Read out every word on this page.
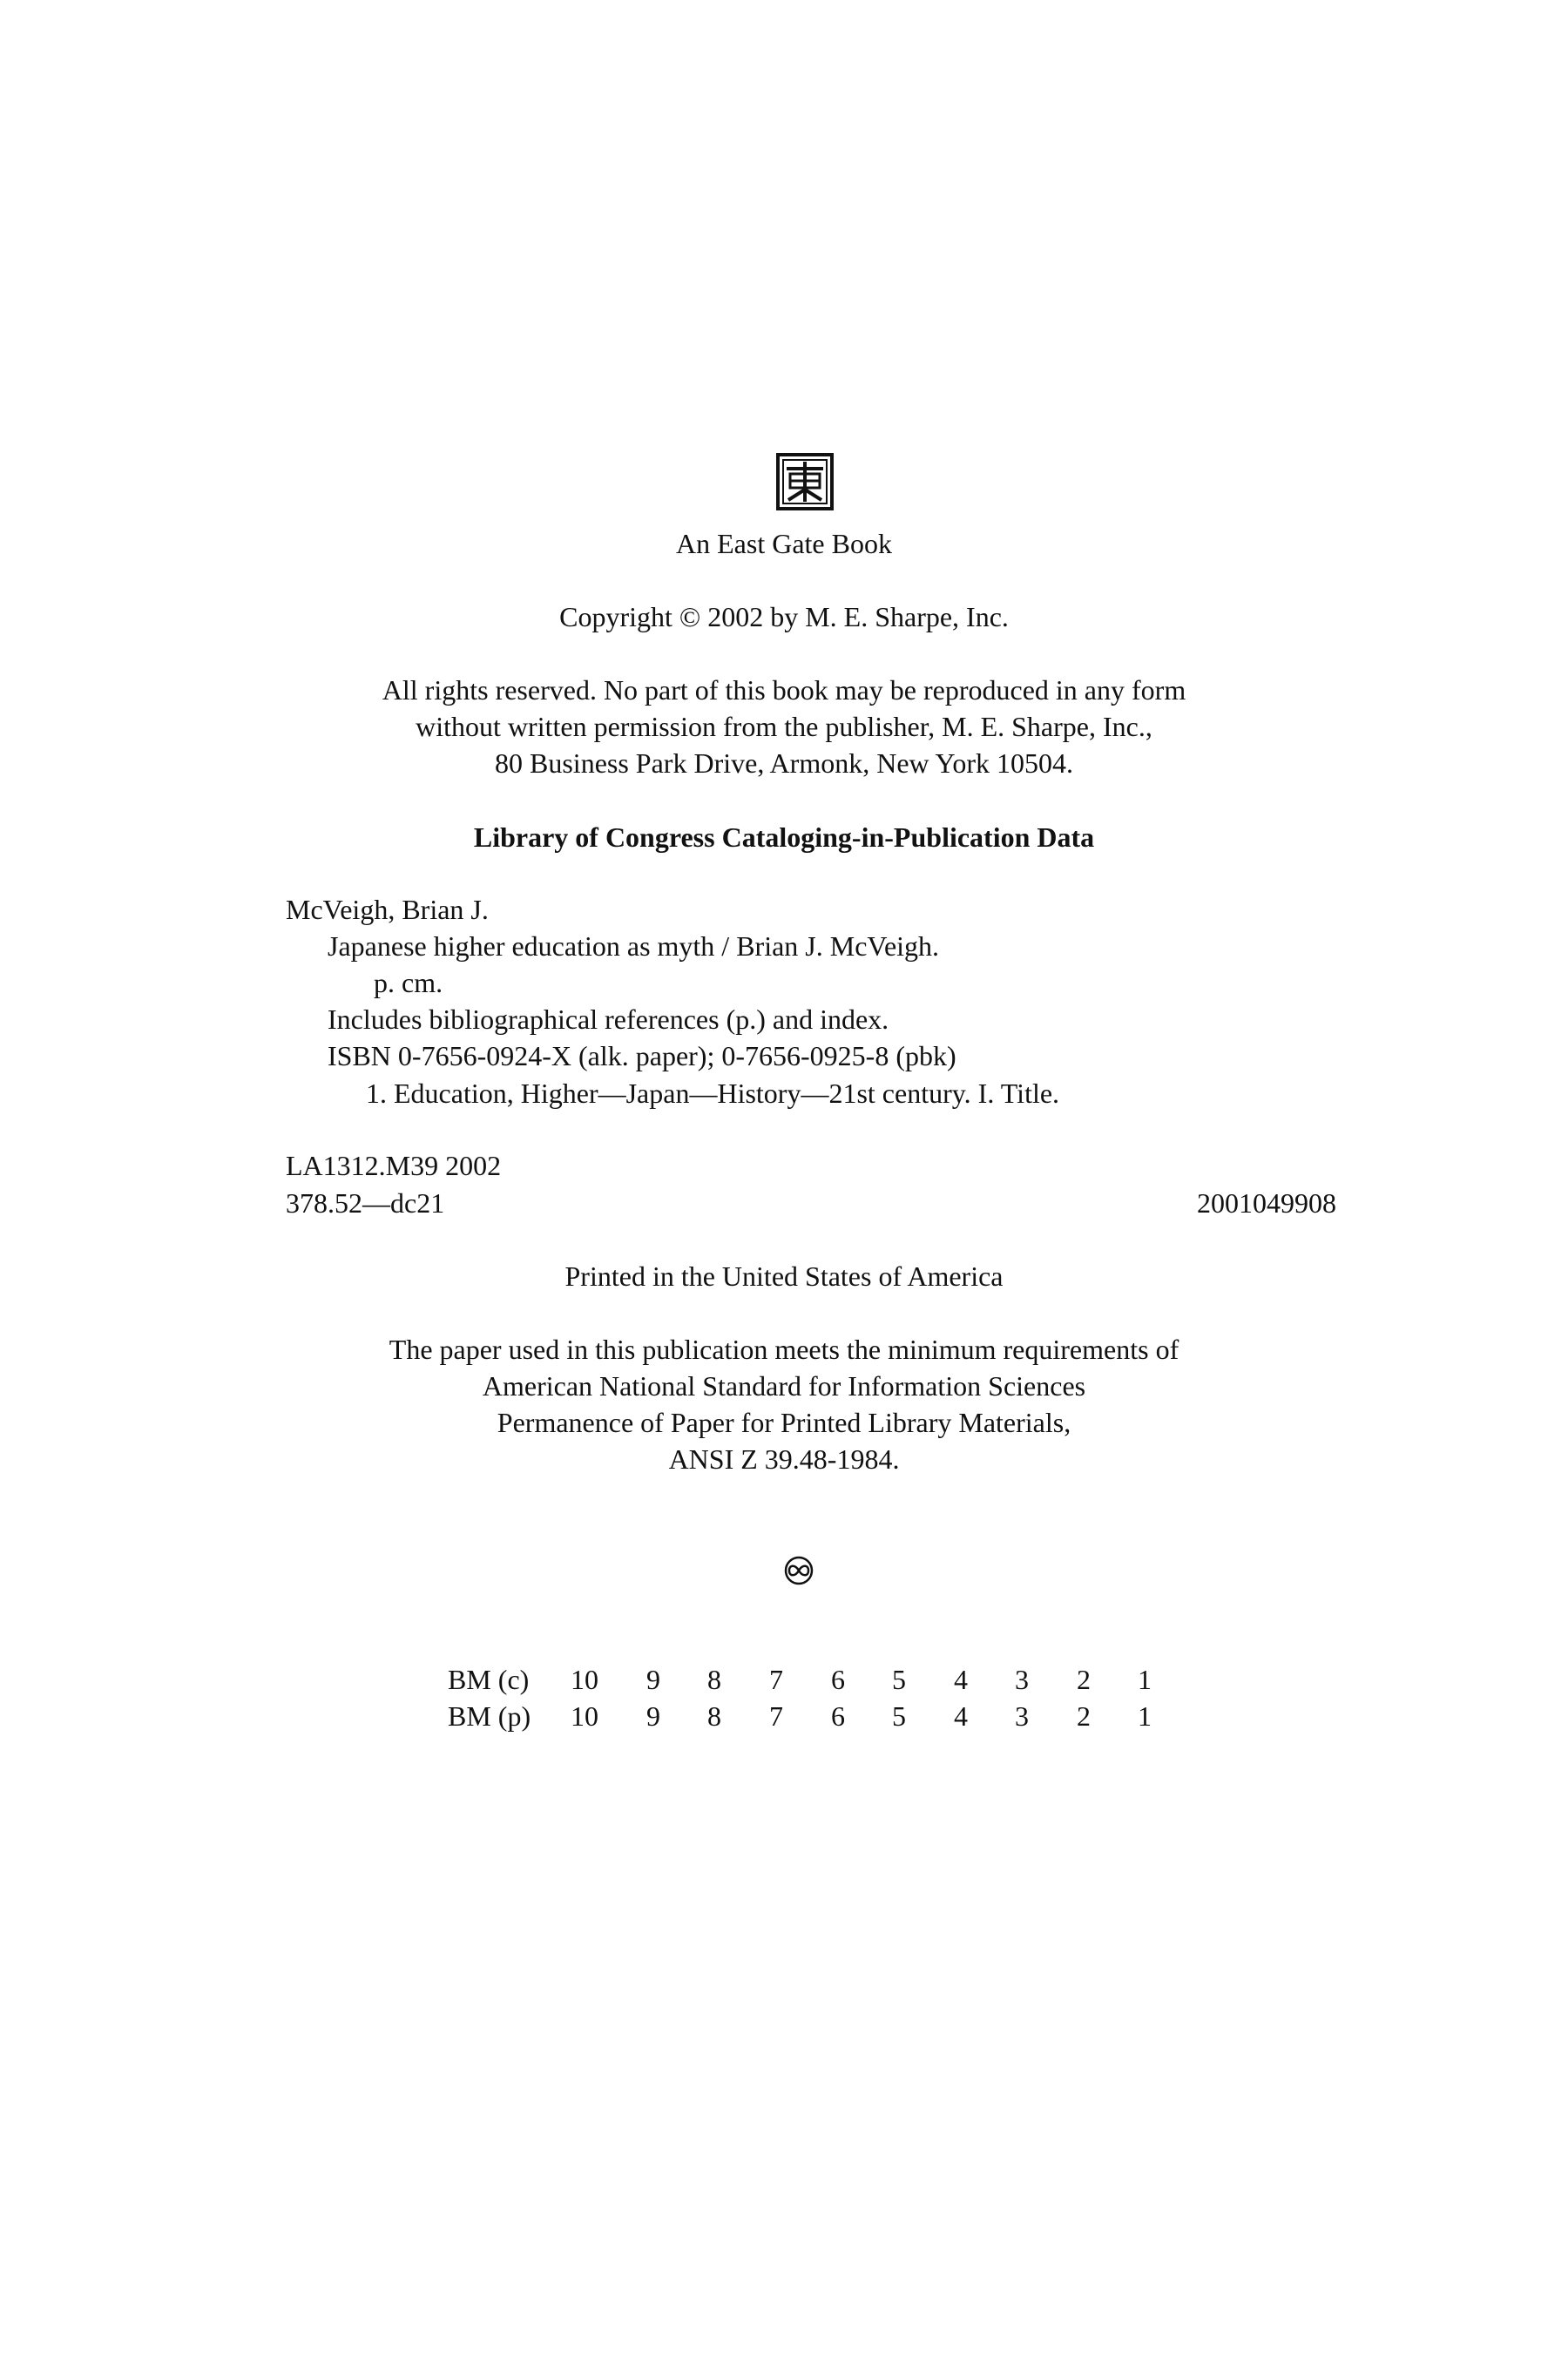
An East Gate Book
Copyright © 2002 by M. E. Sharpe, Inc.
All rights reserved. No part of this book may be reproduced in any form
without written permission from the publisher, M. E. Sharpe, Inc.,
80 Business Park Drive, Armonk, New York 10504.
Library of Congress Cataloging-in-Publication Data
McVeigh, Brian J.
Japanese higher education as myth / Brian J. McVeigh.
p. cm.
Includes bibliographical references (p.) and index.
ISBN 0-7656-0924-X (alk. paper); 0-7656-0925-8 (pbk)
1. Education, Higher—Japan—History—21st century. I. Title.
LA1312.M39 2002
378.52—dc21	2001049908
Printed in the United States of America
The paper used in this publication meets the minimum requirements of
American National Standard for Information Sciences
Permanence of Paper for Printed Library Materials,
ANSI Z 39.48-1984.
BM (c) 10 9 8 7 6 5 4 3 2 1
BM (p) 10 9 8 7 6 5 4 3 2 1
